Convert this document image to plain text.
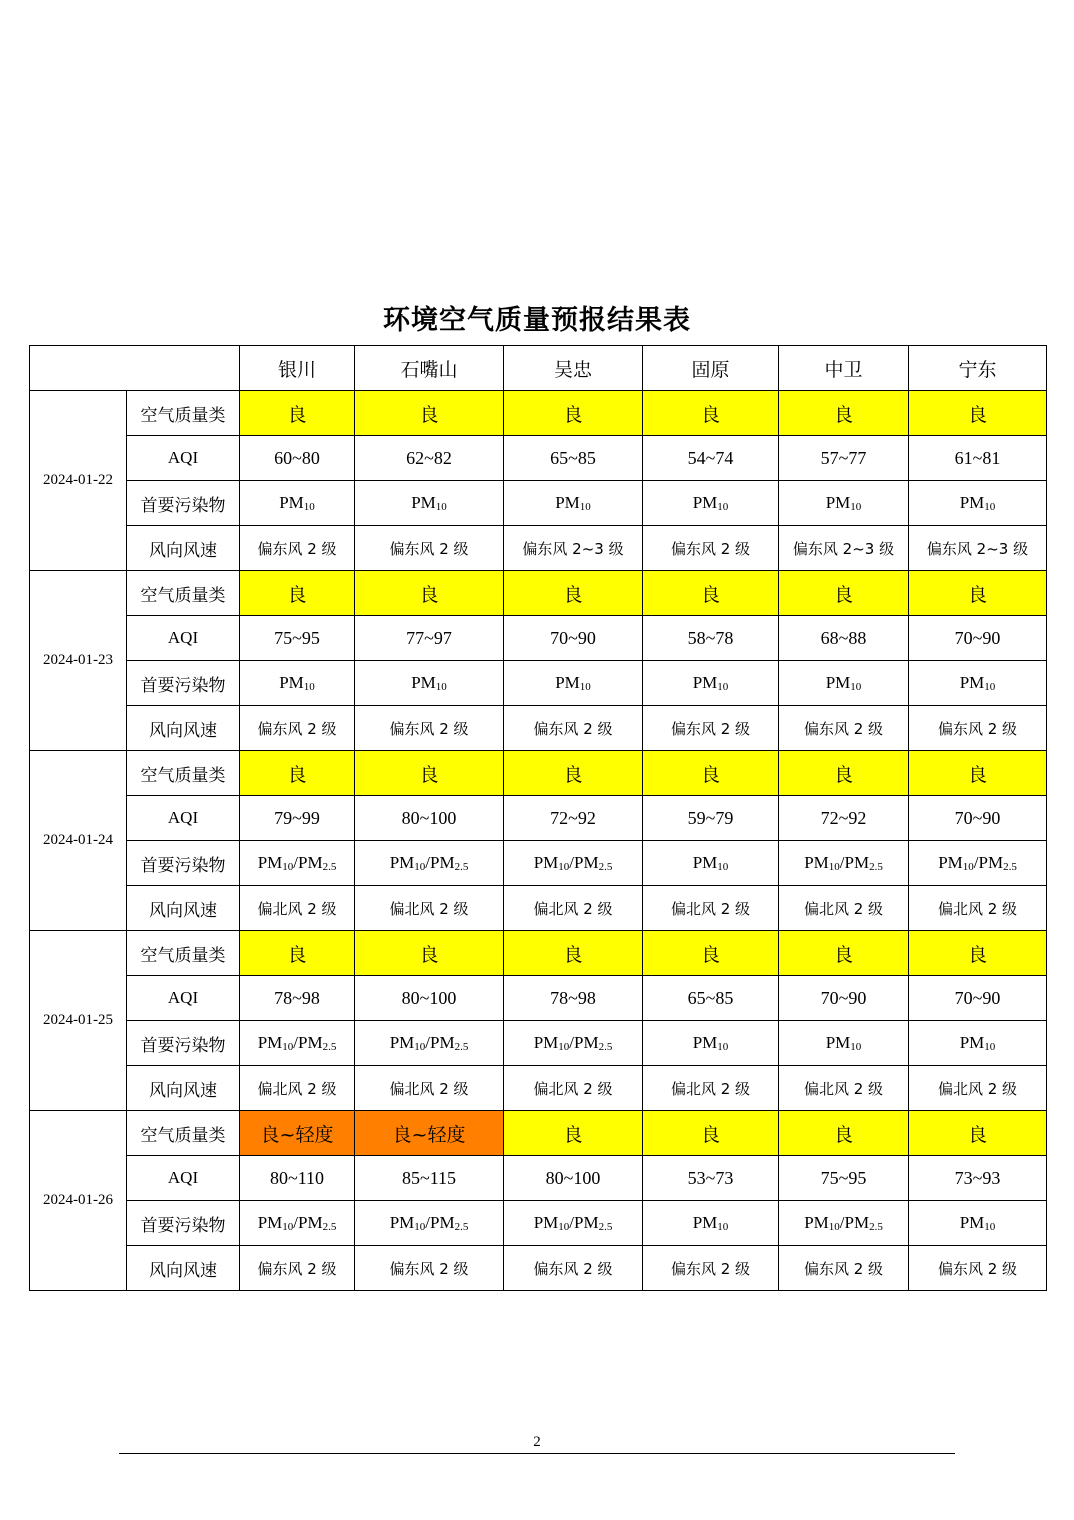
环境空气质量预报结果表
		银川	石嘴山	吴忠	固原	中卫	宁东
2024-01-22	空气质量类	良	良	良	良	良	良
	AQI	60~80	62~82	65~85	54~74	57~77	61~81
	首要污染物	$PM_{10}$	$PM_{10}$	$PM_{10}$	$PM_{10}$	$PM_{10}$	$PM_{10}$
	风向风速	偏东风 2 级	偏东风 2 级	偏东风 2~3 级	偏东风 2 级	偏东风 2~3 级	偏东风 2~3 级
2024-01-23	空气质量类	良	良	良	良	良	良
	AQI	75~95	77~97	70~90	58~78	68~88	70~90
	首要污染物	$PM_{10}$	$PM_{10}$	$PM_{10}$	$PM_{10}$	$PM_{10}$	$PM_{10}$
	风向风速	偏东风 2 级	偏东风 2 级	偏东风 2 级	偏东风 2 级	偏东风 2 级	偏东风 2 级
2024-01-24	空气质量类	良	良	良	良	良	良
	AQI	79~99	80~100	72~92	59~79	72~92	70~90
	首要污染物	$PM_{10}/PM_{2.5}$	$PM_{10}/PM_{2.5}$	$PM_{10}/PM_{2.5}$	$PM_{10}$	$PM_{10}/PM_{2.5}$	$PM_{10}/PM_{2.5}$
	风向风速	偏北风 2 级	偏北风 2 级	偏北风 2 级	偏北风 2 级	偏北风 2 级	偏北风 2 级
2024-01-25	空气质量类	良	良	良	良	良	良
	AQI	78~98	80~100	78~98	65~85	70~90	70~90
	首要污染物	$PM_{10}/PM_{2.5}$	$PM_{10}/PM_{2.5}$	$PM_{10}/PM_{2.5}$	$PM_{10}$	$PM_{10}$	$PM_{10}$
	风向风速	偏北风 2 级	偏北风 2 级	偏北风 2 级	偏北风 2 级	偏北风 2 级	偏北风 2 级
2024-01-26	空气质量类	良~轻度	良~轻度	良	良	良	良
	AQI	80~110	85~115	80~100	53~73	75~95	73~93
	首要污染物	$PM_{10}/PM_{2.5}$	$PM_{10}/PM_{2.5}$	$PM_{10}/PM_{2.5}$	$PM_{10}$	$PM_{10}/PM_{2.5}$	$PM_{10}$
	风向风速	偏东风 2 级	偏东风 2 级	偏东风 2 级	偏东风 2 级	偏东风 2 级	偏东风 2 级
2
